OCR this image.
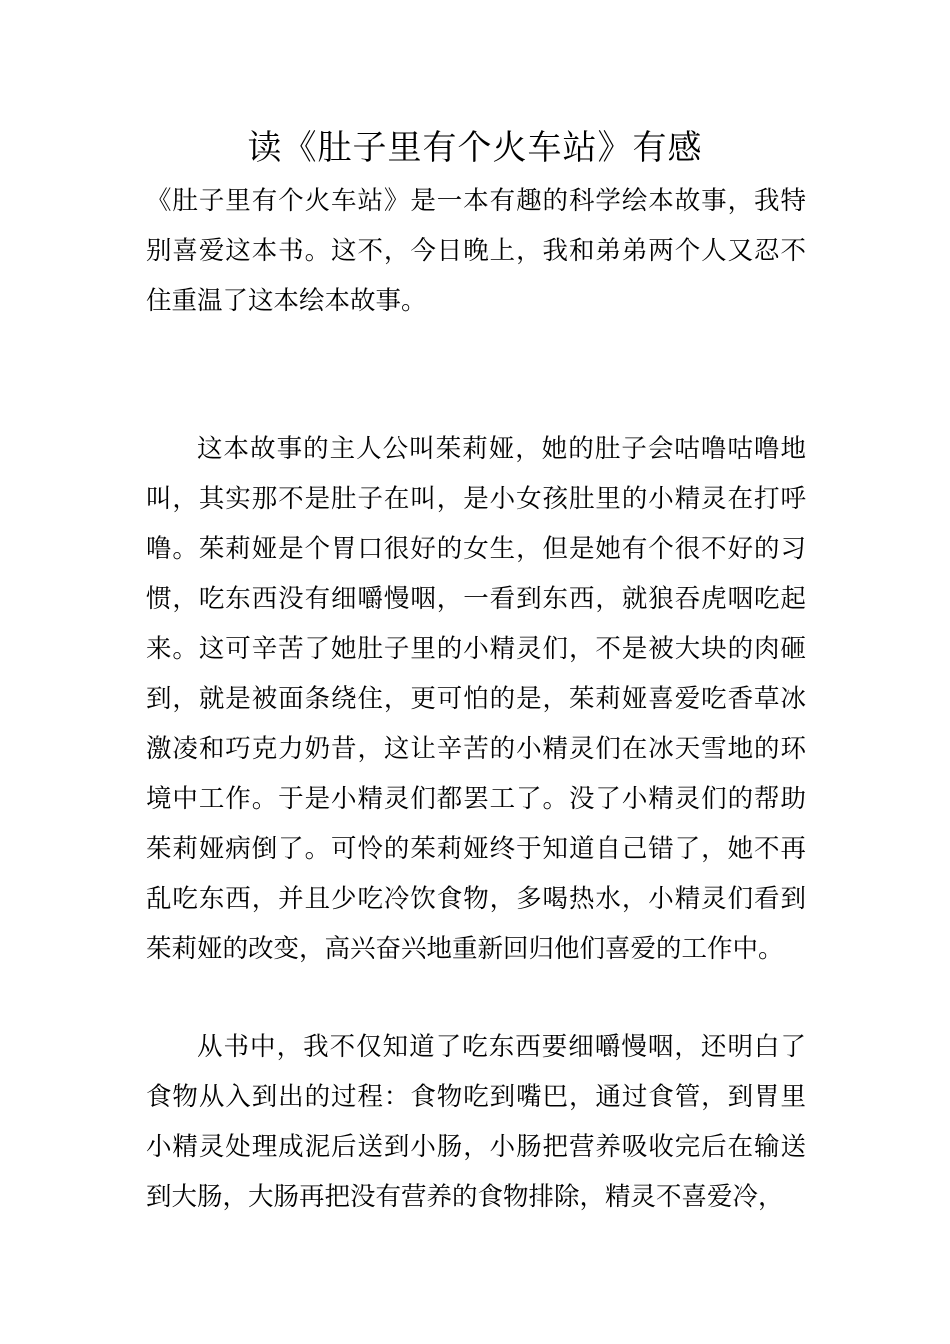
读《肚子里有个火车站》有感

《肚子里有个火车站》是一本有趣的科学绘本故事，我特别喜爱这本书。这不，今日晚上，我和弟弟两个人又忍不住重温了这本绘本故事。

这本故事的主人公叫茱莉娅，她的肚子会咕噜咕噜地叫，其实那不是肚子在叫，是小女孩肚里的小精灵在打呼噜。茱莉娅是个胃口很好的女生，但是她有个很不好的习惯，吃东西没有细嚼慢咽，一看到东西，就狼吞虎咽吃起来。这可辛苦了她肚子里的小精灵们，不是被大块的肉砸到，就是被面条绕住，更可怕的是，茱莉娅喜爱吃香草冰激凌和巧克力奶昔，这让辛苦的小精灵们在冰天雪地的环境中工作。于是小精灵们都罢工了。没了小精灵们的帮助茱莉娅病倒了。可怜的茱莉娅终于知道自己错了，她不再乱吃东西，并且少吃冷饮食物，多喝热水，小精灵们看到茱莉娅的改变，高兴奋兴地重新回归他们喜爱的工作中。

从书中，我不仅知道了吃东西要细嚼慢咽，还明白了食物从入到出的过程：食物吃到嘴巴，通过食管，到胃里小精灵处理成泥后送到小肠，小肠把营养吸收完后在输送到大肠，大肠再把没有营养的食物排除，精灵不喜爱冷，
